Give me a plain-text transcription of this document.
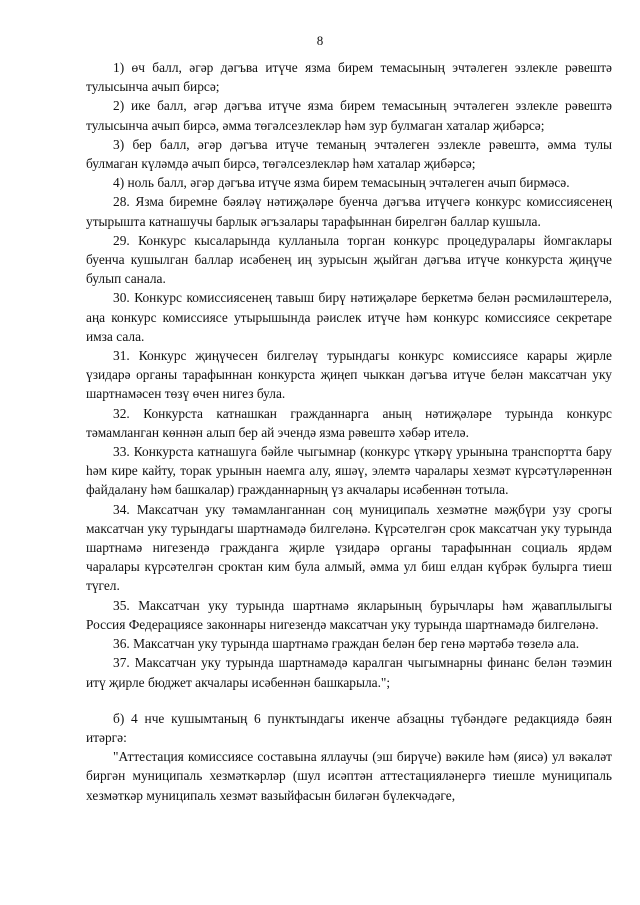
8

1) өч балл, әгәр дәгъва итүче язма бирем темасының эчтәлеген эзлекле рәвештә тулысынча ачып бирсә;

2) ике балл, әгәр дәгъва итүче язма бирем темасының эчтәлеген эзлекле рәвештә тулысынча ачып бирсә, әмма төгәлсезлекләр һәм зур булмаган хаталар җибәрсә;

3) бер балл, әгәр дәгъва итүче теманың эчтәлеген эзлекле рәвештә, әмма тулы булмаган күләмдә ачып бирсә, төгәлсезлекләр һәм хаталар җибәрсә;

4) ноль балл, әгәр дәгъва итүче язма бирем темасының эчтәлеген ачып бирмәсә.

28. Язма биремне бәяләү нәтиҗәләре буенча дәгъва итүчегә конкурс комиссиясенең утырышта катнашучы барлык әгъзалары тарафыннан бирелгән баллар кушыла.

29. Конкурс кысаларында кулланыла торган конкурс процедуралары йомгаклары буенча кушылган баллар исәбенең иң зурысын җыйган дәгъва итүче конкурста җиңүче булып санала.

30. Конкурс комиссиясенең тавыш бирү нәтиҗәләре беркетмә белән рәсмиләштерелә, аңа конкурс комиссиясе утырышында рәислек итүче һәм конкурс комиссиясе секретаре имза сала.

31. Конкурс җиңүчесен билгеләү турындагы конкурс комиссиясе карары җирле үзидарә органы тарафыннан конкурста җиңеп чыккан дәгъва итүче белән максатчан уку шартнамәсен төзү өчен нигез була.

32. Конкурста катнашкан гражданнарга аның нәтиҗәләре турында конкурс тәмамланган көннән алып бер ай эчендә язма рәвештә хәбәр ителә.

33. Конкурста катнашуга бәйле чыгымнар (конкурс үткәрү урынына транспортта бару һәм кире кайту, торак урынын наемга алу, яшәү, элемтә чаралары хезмәт күрсәтүләреннән файдалану һәм башкалар) гражданнарның үз акчалары исәбеннән тотыла.

34. Максатчан уку тәмамланганнан соң муниципаль хезмәтне мәҗбүри узу срогы максатчан уку турындагы шартнамәдә билгеләнә. Күрсәтелгән срок максатчан уку турында шартнамә нигезендә гражданга җирле үзидарә органы тарафыннан социаль ярдәм чаралары күрсәтелгән сроктан ким була алмый, әмма ул биш елдан күбрәк булырга тиеш түгел.

35. Максатчан уку турында шартнамә якларының бурычлары һәм җаваплылыгы Россия Федерациясе законнары нигезендә максатчан уку турында шартнамәдә билгеләнә.

36. Максатчан уку турында шартнамә граждан белән бер генә мәртәбә төзелә ала.

37. Максатчан уку турында шартнамәдә каралган чыгымнарны финанс белән тәэмин итү җирле бюджет акчалары исәбеннән башкарыла.";

б) 4 нче кушымтаның 6 пунктындагы икенче абзацны түбәндәге редакциядә бәян итәргә:

"Аттестация комиссиясе составына яллаучы (эш бирүче) вәкиле һәм (яисә) ул вәкаләт биргән муниципаль хезмәткәрләр (шул исәптән аттестацияләнергә тиешле муниципаль хезмәткәр муниципаль хезмәт вазыйфасын биләгән бүлекчәдәге,
